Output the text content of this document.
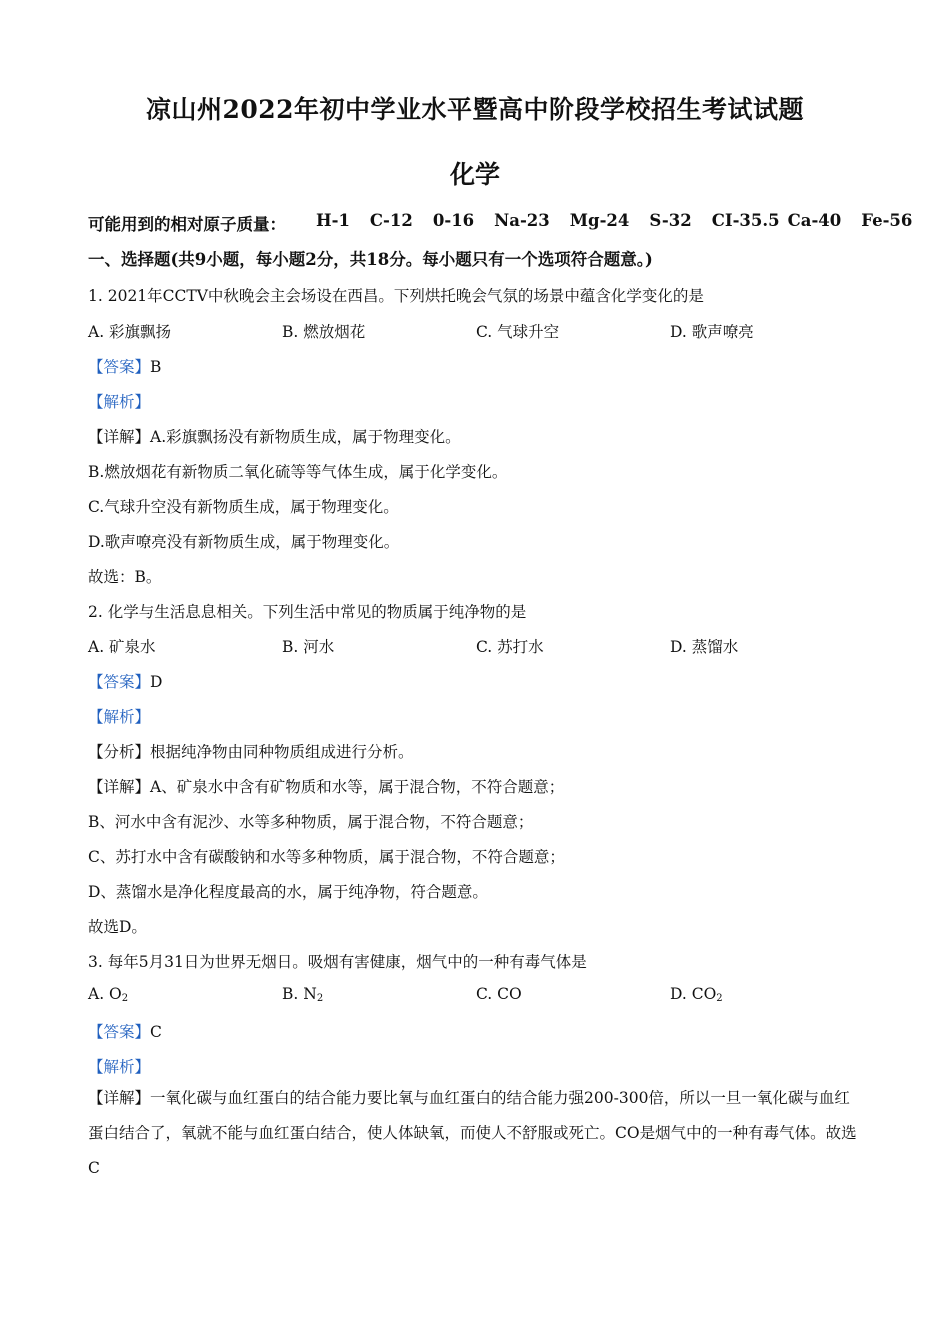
凉山州2022年初中学业水平暨高中阶段学校招生考试试题
化学
可能用到的相对原子质量： H-1 C-12 0-16 Na-23 Mg-24 S-32 CI-35.5 Ca-40 Fe-56
一、选择题(共9小题，每小题2分，共18分。每小题只有一个选项符合题意。)
1. 2021年CCTV中秋晚会主会场设在西昌。下列烘托晚会气氛的场景中蕴含化学变化的是
A. 彩旗飘扬	B. 燃放烟花	C. 气球升空	D. 歌声嘹亮
【答案】B
【解析】
【详解】A.彩旗飘扬没有新物质生成，属于物理变化。
B.燃放烟花有新物质二氧化硫等等气体生成，属于化学变化。
C.气球升空没有新物质生成，属于物理变化。
D.歌声嘹亮没有新物质生成，属于物理变化。
故选：B。
2. 化学与生活息息相关。下列生活中常见的物质属于纯净物的是
A. 矿泉水	B. 河水	C. 苏打水	D. 蒸馏水
【答案】D
【解析】
【分析】根据纯净物由同种物质组成进行分析。
【详解】A、矿泉水中含有矿物质和水等，属于混合物，不符合题意；
B、河水中含有泥沙、水等多种物质，属于混合物，不符合题意；
C、苏打水中含有碳酸钠和水等多种物质，属于混合物，不符合题意；
D、蒸馏水是净化程度最高的水，属于纯净物，符合题意。
故选D。
3. 每年5月31日为世界无烟日。吸烟有害健康，烟气中的一种有毒气体是
A. $O_2$	B. $N_2$	C. CO	D. $CO_2$
【答案】C
【解析】
【详解】一氧化碳与血红蛋白的结合能力要比氧与血红蛋白的结合能力强200-300倍，所以一旦一氧化碳与血红蛋白结合了，氧就不能与血红蛋白结合，使人体缺氧，而使人不舒服或死亡。CO是烟气中的一种有毒气体。故选C
